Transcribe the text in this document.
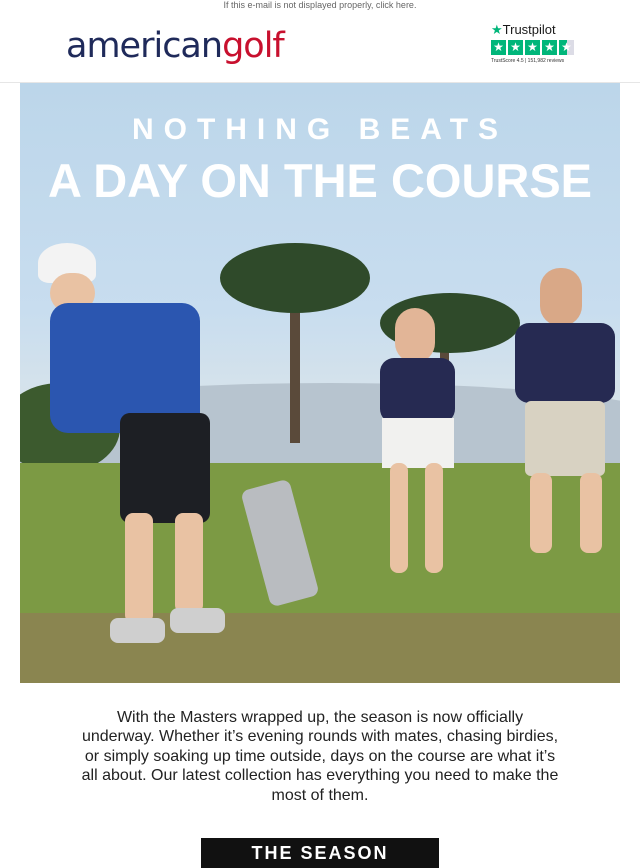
If this e-mail is not displayed properly, click here.
americangolf	★Trustpilot
★ ★ ★ ★ ★
TrustScore 4.5 | 151,982 reviews
NOTHING BEATS
A DAY ON THE COURSE
With the Masters wrapped up, the season is now officially underway. Whether it’s evening rounds with mates, chasing birdies, or simply soaking up time outside, days on the course are what it’s all about. Our latest collection has everything you need to make the most of them.
THE SEASON
